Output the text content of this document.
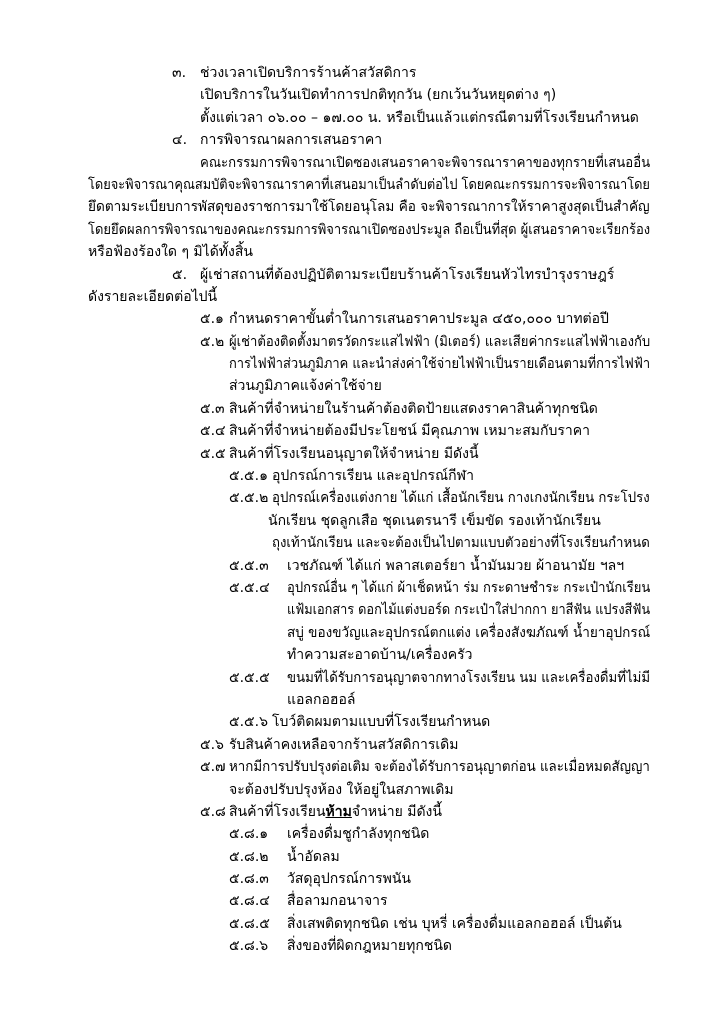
๓. ช่วงเวลาเปิดบริการร้านค้าสวัสดิการ
เปิดบริการในวันเปิดทำการปกติทุกวัน (ยกเว้นวันหยุดต่าง ๆ)
ตั้งแต่เวลา ๐๖.๐๐ – ๑๗.๐๐ น. หรือเป็นแล้วแต่กรณีตามที่โรงเรียนกำหนด
๔. การพิจารณาผลการเสนอราคา
คณะกรรมการพิจารณาเปิดซองเสนอราคาจะพิจารณาราคาของทุกรายที่เสนออื่น
โดยจะพิจารณาคุณสมบัติจะพิจารณาราคาที่เสนอมาเป็นลำดับต่อไป โดยคณะกรรมการจะพิจารณาโดย
ยึดตามระเบียบการพัสดุของราชการมาใช้โดยอนุโลม คือ จะพิจารณาการให้ราคาสูงสุดเป็นสำคัญ
โดยยึดผลการพิจารณาของคณะกรรมการพิจารณาเปิดซองประมูล ถือเป็นที่สุด ผู้เสนอราคาจะเรียกร้อง
หรือฟ้องร้องใด ๆ มิได้ทั้งสิ้น
๕. ผู้เช่าสถานที่ต้องปฏิบัติตามระเบียบร้านค้าโรงเรียนหัวไทรบำรุงราษฎร์
ดังรายละเอียดต่อไปนี้
๕.๑ กำหนดราคาขั้นต่ำในการเสนอราคาประมูล ๔๕๐,๐๐๐ บาทต่อปี
๕.๒ ผู้เช่าต้องติดตั้งมาตรวัดกระแสไฟฟ้า (มิเตอร์) และเสียค่ากระแสไฟฟ้าเองกับ
การไฟฟ้าส่วนภูมิภาค และนำส่งค่าใช้จ่ายไฟฟ้าเป็นรายเดือนตามที่การไฟฟ้า
ส่วนภูมิภาคแจ้งค่าใช้จ่าย
๕.๓ สินค้าที่จำหน่ายในร้านค้าต้องติดป้ายแสดงราคาสินค้าทุกชนิด
๕.๔ สินค้าที่จำหน่ายต้องมีประโยชน์ มีคุณภาพ เหมาะสมกับราคา
๕.๕ สินค้าที่โรงเรียนอนุญาตให้จำหน่าย มีดังนี้
๕.๕.๑ อุปกรณ์การเรียน และอุปกรณ์กีฬา
๕.๕.๒ อุปกรณ์เครื่องแต่งกาย ได้แก่ เสื้อนักเรียน กางเกงนักเรียน กระโปรง
นักเรียน ชุดลูกเสือ ชุดเนตรนารี เข็มขัด รองเท้านักเรียน
ถุงเท้านักเรียน และจะต้องเป็นไปตามแบบตัวอย่างที่โรงเรียนกำหนด
๕.๕.๓ เวชภัณฑ์ ได้แก่ พลาสเตอร์ยา น้ำมันมวย ผ้าอนามัย ฯลฯ
๕.๕.๔ อุปกรณ์อื่น ๆ ได้แก่ ผ้าเช็ดหน้า ร่ม กระดาษชำระ กระเป๋านักเรียน
แฟ้มเอกสาร ดอกไม้แต่งบอร์ด กระเป๋าใส่ปากกา ยาสีฟัน แปรงสีฟัน
สบู่ ของขวัญและอุปกรณ์ตกแต่ง เครื่องสังฆภัณฑ์ น้ำยาอุปกรณ์
ทำความสะอาดบ้าน/เครื่องครัว
๕.๕.๕ ขนมที่ได้รับการอนุญาตจากทางโรงเรียน นม และเครื่องดื่มที่ไม่มี
แอลกอฮอล์
๕.๕.๖ โบว์ติดผมตามแบบที่โรงเรียนกำหนด
๕.๖ รับสินค้าคงเหลือจากร้านสวัสดิการเดิม
๕.๗ หากมีการปรับปรุงต่อเติม จะต้องได้รับการอนุญาตก่อน และเมื่อหมดสัญญา
จะต้องปรับปรุงห้อง ให้อยู่ในสภาพเดิม
๕.๘ สินค้าที่โรงเรียนห้ามจำหน่าย มีดังนี้
๕.๘.๑ เครื่องดื่มชูกำลังทุกชนิด
๕.๘.๒ น้ำอัดลม
๕.๘.๓ วัสดุอุปกรณ์การพนัน
๕.๘.๔ สื่อลามกอนาจาร
๕.๘.๕ สิ่งเสพติดทุกชนิด เช่น บุหรี่ เครื่องดื่มแอลกอฮอล์ เป็นต้น
๕.๘.๖ สิ่งของที่ผิดกฎหมายทุกชนิด
